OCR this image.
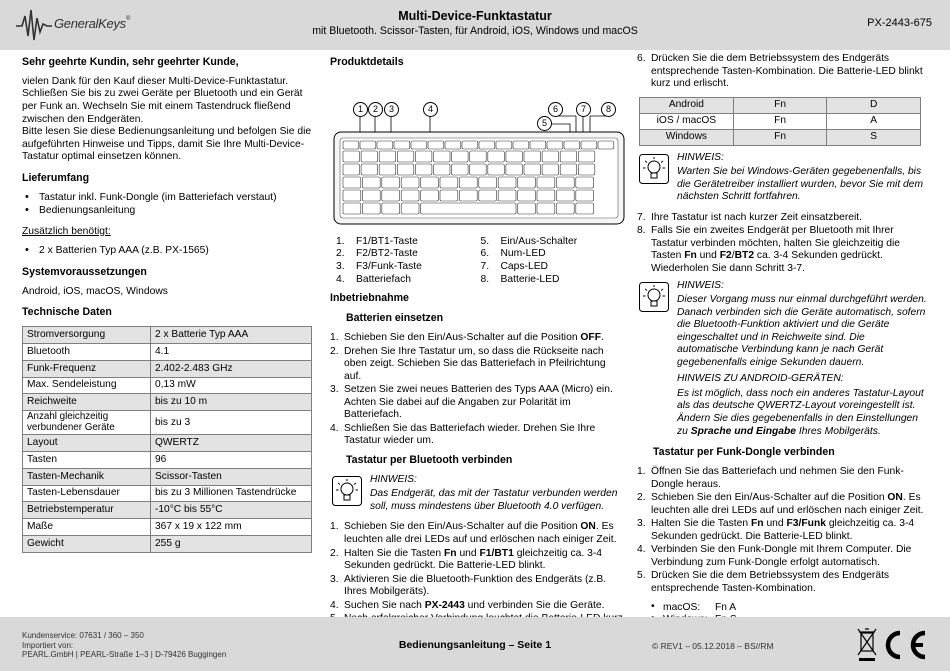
GeneralKeys®	Multi-Device-Funktastatur
mit Bluetooth. Scissor-Tasten, für Android, iOS, Windows und macOS
PX-2443-675
Sehr geehrte Kundin, sehr geehrter Kunde,
vielen Dank für den Kauf dieser Multi-Device-Funktastatur. Schließen Sie bis zu zwei Geräte per Bluetooth und ein Gerät per Funk an. Wechseln Sie mit einem Tastendruck fließend zwischen den Endgeräten.
Bitte lesen Sie diese Bedienungsanleitung und befolgen Sie die aufgeführten Hinweise und Tipps, damit Sie Ihre Multi-Device-Tastatur optimal einsetzen können.
Lieferumfang
• Tastatur inkl. Funk-Dongle (im Batteriefach verstaut)
• Bedienungsanleitung
Zusätzlich benötigt:
• 2 x Batterien Typ AAA (z.B. PX-1565)
Systemvoraussetzungen
Android, iOS, macOS, Windows
Technische Daten
Stromversorgung	2 x Batterie Typ AAA
Bluetooth	4.1
Funk-Frequenz	2.402-2.483 GHz
Max. Sendeleistung	0,13 mW
Reichweite	bis zu 10 m
Anzahl gleichzeitig verbundener Geräte	bis zu 3
Layout	QWERTZ
Tasten	96
Tasten-Mechanik	Scissor-Tasten
Tasten-Lebensdauer	bis zu 3 Millionen Tastendrücke
Betriebstemperatur	-10°C bis 55°C
Maße	367 x 19 x 122 mm
Gewicht	255 g
Produktdetails
1	2	3	4
5
6	7	8
1. F1/BT1-Taste
2. F2/BT2-Taste
3. F3/Funk-Taste
4. Batteriefach
5. Ein/Aus-Schalter
6. Num-LED
7. Caps-LED
8. Batterie-LED
Inbetriebnahme
Batterien einsetzen
1. Schieben Sie den Ein/Aus-Schalter auf die Position OFF.
2. Drehen Sie Ihre Tastatur um, so dass die Rückseite nach oben zeigt. Schieben Sie das Batteriefach in Pfeilrichtung auf.
3. Setzen Sie zwei neues Batterien des Typs AAA (Micro) ein. Achten Sie dabei auf die Angaben zur Polarität im Batteriefach.
4. Schließen Sie das Batteriefach wieder. Drehen Sie Ihre Tastatur wieder um.
Tastatur per Bluetooth verbinden
HINWEIS:
Das Endgerät, das mit der Tastatur verbunden werden soll, muss mindestens über Bluetooth 4.0 verfügen.
1. Schieben Sie den Ein/Aus-Schalter auf die Position ON. Es leuchten alle drei LEDs auf und erlöschen nach einiger Zeit.
2. Halten Sie die Tasten Fn und F1/BT1 gleichzeitig ca. 3-4 Sekunden gedrückt. Die Batterie-LED blinkt.
3. Aktivieren Sie die Bluetooth-Funktion des Endgeräts (z.B. Ihres Mobilgeräts).
4. Suchen Sie nach PX-2443 und verbinden Sie die Geräte.
6. Drücken Sie die dem Betriebssystem des Endgeräts entsprechende Tasten-Kombination. Die Batterie-LED blinkt kurz und erlischt.
Android	Fn	D
iOS / macOS	Fn	A
Windows	Fn	S
HINWEIS:
Warten Sie bei Windows-Geräten gegebenenfalls, bis die Gerätetreiber installiert wurden, bevor Sie mit dem nächsten Schritt fortfahren.
7. Ihre Tastatur ist nach kurzer Zeit einsatzbereit.
8. Falls Sie ein zweites Endgerät per Bluetooth mit Ihrer Tastatur verbinden möchten, halten Sie gleichzeitig die Tasten Fn und F2/BT2 ca. 3-4 Sekunden gedrückt. Wiederholen Sie dann Schritt 3-7.
HINWEIS:
Dieser Vorgang muss nur einmal durchgeführt werden. Danach verbinden sich die Geräte automatisch, sofern die Bluetooth-Funktion aktiviert und die Geräte eingeschaltet und in Reichweite sind. Die automatische Verbindung kann je nach Gerät gegebenenfalls einige Sekunden dauern.
HINWEIS ZU ANDROID-GERÄTEN:
Es ist möglich, dass noch ein anderes Tastatur-Layout als das deutsche QWERTZ-Layout voreingestellt ist. Ändern Sie dies gegebenenfalls in den Einstellungen zu Sprache und Eingabe Ihres Mobilgeräts.
Tastatur per Funk-Dongle verbinden
1. Öffnen Sie das Batteriefach und nehmen Sie den Funk-Dongle heraus.
2. Schieben Sie den Ein/Aus-Schalter auf die Position ON. Es leuchten alle drei LEDs auf und erlöschen nach einiger Zeit.
3. Halten Sie die Tasten Fn und F3/Funk gleichzeitig ca. 3-4 Sekunden gedrückt. Die Batterie-LED blinkt.
4. Verbinden Sie den Funk-Dongle mit Ihrem Computer. Die Verbindung zum Funk-Dongle erfolgt automatisch.
5. Drücken Sie die dem Betriebssystem des Endgeräts entsprechende Tasten-Kombination.
• macOS: Fn A
•
Kundenservice: 07631 / 360 – 350
Importiert von:
PEARL.GmbH | PEARL-Straße 1–3 | D-79426 Buggingen
Bedienungsanleitung – Seite 1	© REV1 – 05.12.2018 – BS//RM
